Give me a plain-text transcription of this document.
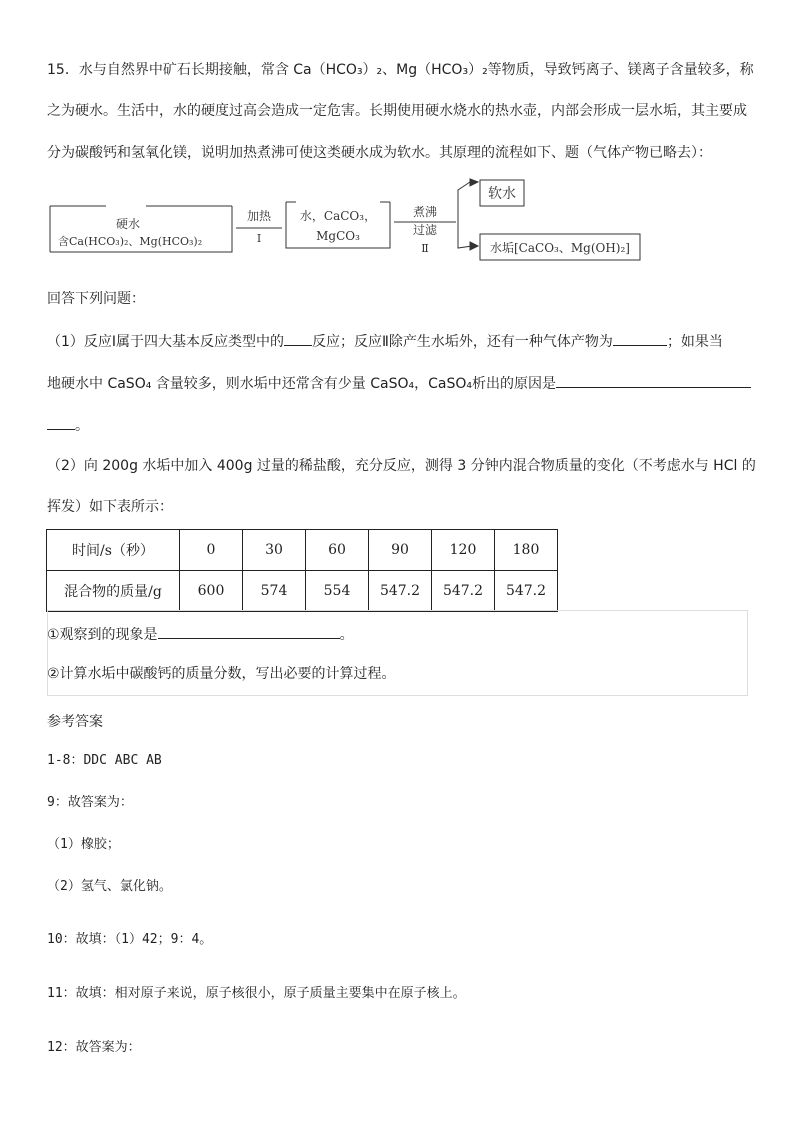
15．水与自然界中矿石长期接触，常含 Ca（HCO₃）₂、Mg（HCO₃）₂等物质，导致钙离子、镁离子含量较多，称
之为硬水。生活中，水的硬度过高会造成一定危害。长期使用硬水烧水的热水壶，内部会形成一层水垢，其主要成
分为碳酸钙和氢氧化镁，说明加热煮沸可使这类硬水成为软水。其原理的流程如下、题（气体产物已略去）：
硬水
含Ca(HCO₃)₂、Mg(HCO₃)₂
加热
Ⅰ
水，CaCO₃，
MgCO₃
煮沸
过滤
Ⅱ
软水
水垢[CaCO₃、Mg(OH)₂]
回答下列问题：
（1）反应Ⅰ属于四大基本反应类型中的 反应；反应Ⅱ除产生水垢外，还有一种气体产物为	；如果当
地硬水中 CaSO₄ 含量较多，则水垢中还常含有少量 CaSO₄，CaSO₄析出的原因是
。
（2）向 200g 水垢中加入 400g 过量的稀盐酸，充分反应，测得 3 分钟内混合物质量的变化（不考虑水与 HCl 的
挥发）如下表所示：
时间/s（秒）	0	30	60	90	120	180
混合物的质量/g	600	574	554	547.2	547.2	547.2
①观察到的现象是	。
②计算水垢中碳酸钙的质量分数，写出必要的计算过程。
参考答案
1-8：DDC ABC AB
9：故答案为：
（1）橡胶；
（2）氢气、氯化钠。
10：故填：（1）42；9：4。
11：故填：相对原子来说，原子核很小，原子质量主要集中在原子核上。
12：故答案为：
